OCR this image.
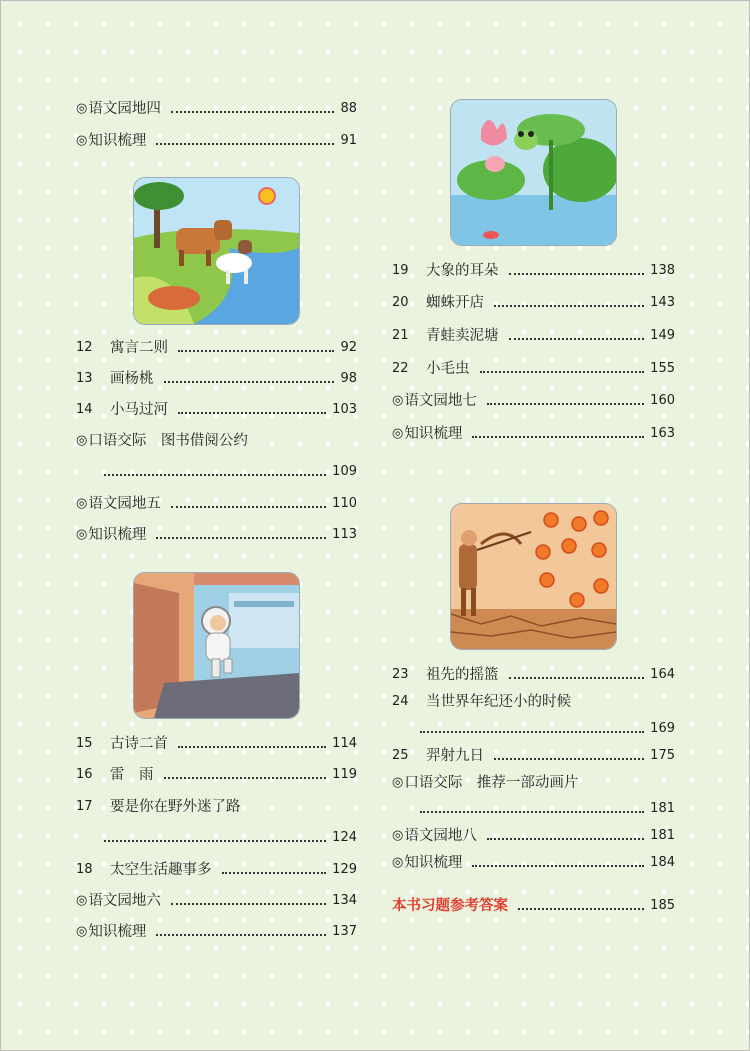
◎ 语文园地四	88
◎ 知识梳理	91
12	寓言二则	92
13	画杨桃	98
14	小马过河	103
◎ 口语交际　图书借阅公约
109
◎ 语文园地五	110
◎ 知识梳理	113
15	古诗二首	114
16	雷　雨	119
17	要是你在野外迷了路
124
18	太空生活趣事多	129
◎ 语文园地六	134
◎ 知识梳理	137
19	大象的耳朵	138
20	蜘蛛开店	143
21	青蛙卖泥塘	149
22	小毛虫	155
◎ 语文园地七	160
◎ 知识梳理	163
23	祖先的摇篮	164
24	当世界年纪还小的时候
169
25	羿射九日	175
◎ 口语交际　推荐一部动画片
181
◎ 语文园地八	181
◎ 知识梳理	184
本书习题参考答案	185
